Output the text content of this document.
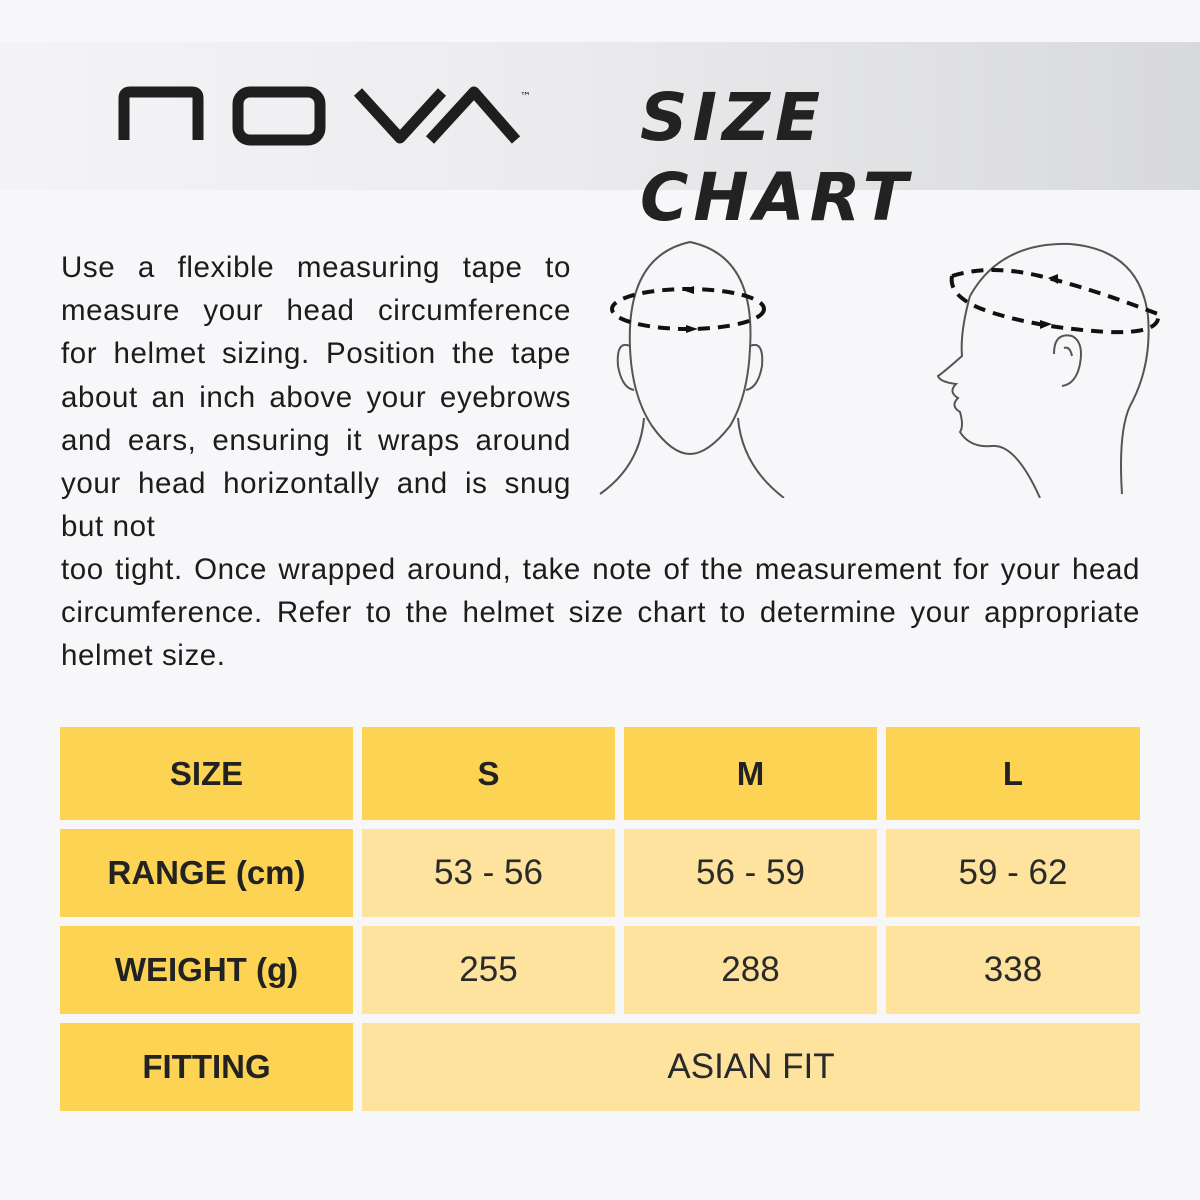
™ SIZE CHART
Use a flexible measuring tape to measure your head circumference for helmet sizing. Position the tape about an inch above your eyebrows and ears, ensuring it wraps around your head horizontally and is snug but not
too tight. Once wrapped around, take note of the measurement for your head circumference. Refer to the helmet size chart to determine your appropriate helmet size.
SIZE	S	M	L
RANGE (cm)	53 - 56	56 - 59	59 - 62
WEIGHT (g)	255	288	338
FITTING	ASIAN FIT
